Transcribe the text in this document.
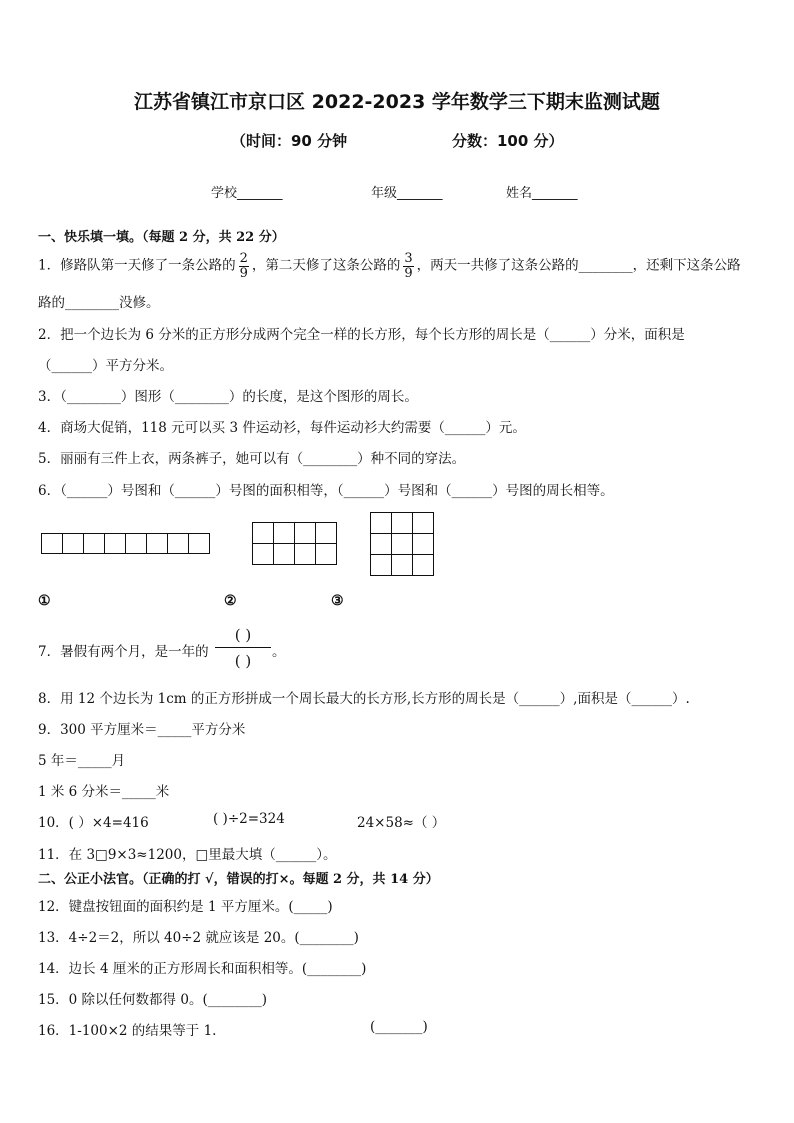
江苏省镇江市京口区 2022-2023 学年数学三下期末监测试题
（时间：90 分钟	分数：100 分）
学校_______	年级_______	姓名_______
一、快乐填一填。（每题 2 分，共 22 分）
1．修路队第一天修了一条公路的 $\frac{2}{9}$ ，第二天修了这条公路的 $\frac{3}{9}$ ，两天一共修了这条公路的________，还剩下这条公路
路的________没修。
2．把一个边长为 6 分米的正方形分成两个完全一样的长方形，每个长方形的周长是（______）分米，面积是
（______）平方分米。
3．（________）图形（________）的长度，是这个图形的周长。
4．商场大促销，118 元可以买 3 件运动衫，每件运动衫大约需要（______）元。
5．丽丽有三件上衣，两条裤子，她可以有（________）种不同的穿法。
6．（______）号图和（______）号图的面积相等，（______）号图和（______）号图的周长相等。

①	②	③
7．暑假有两个月，是一年的
( )
( )	。
8．用 12 个边长为 1cm 的正方形拼成一个周长最大的长方形,长方形的周长是（______）,面积是（______）.
9．300 平方厘米＝_____平方分米
5 年＝_____月
1 米 6 分米＝_____米
10．( ）×4=416	( )÷2=324	24×58≈（ ）
11．在 3□9×3≈1200，□里最大填（______）。
二、公正小法官。（正确的打 √，错误的打×。每题 2 分，共 14 分）
12．键盘按钮面的面积约是 1 平方厘米。(_____)
13．4÷2＝2，所以 40÷2 就应该是 20。(________)
14．边长 4 厘米的正方形周长和面积相等。(________)
15．0 除以任何数都得 0。(________)
16．1-100×2 的结果等于 1.	(_______)
